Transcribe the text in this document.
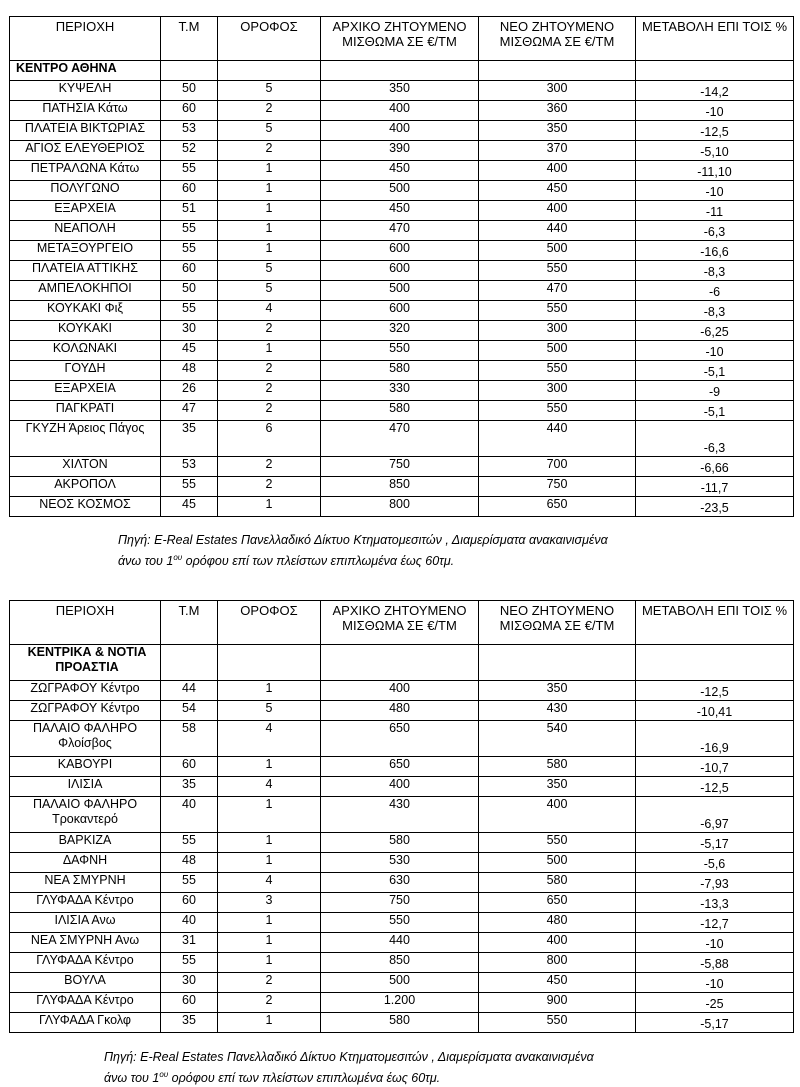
ΠΕΡΙΟΧΗ	Τ.Μ	ΟΡΟΦΟΣ	ΑΡΧΙΚΟ ΖΗΤΟΥΜΕΝΟ ΜΙΣΘΩΜΑ ΣΕ €/ΤΜ	ΝΕΟ ΖΗΤΟΥΜΕΝΟ ΜΙΣΘΩΜΑ ΣΕ €/ΤΜ	ΜΕΤΑΒΟΛΗ ΕΠΙ ΤΟΙΣ %
ΚΕΝΤΡΟ ΑΘΗΝΑ					
ΚΥΨΕΛΗ	50	5	350	300	-14,2
ΠΑΤΗΣΙΑ Κάτω	60	2	400	360	-10
ΠΛΑΤΕΙΑ ΒΙΚΤΩΡΙΑΣ	53	5	400	350	-12,5
ΑΓΙΟΣ ΕΛΕΥΘΕΡΙΟΣ	52	2	390	370	-5,10
ΠΕΤΡΑΛΩΝΑ Κάτω	55	1	450	400	-11,10
ΠΟΛΥΓΩΝΟ	60	1	500	450	-10
ΕΞΑΡΧΕΙΑ	51	1	450	400	-11
ΝΕΑΠΟΛΗ	55	1	470	440	-6,3
ΜΕΤΑΞΟΥΡΓΕΙΟ	55	1	600	500	-16,6
ΠΛΑΤΕΙΑ ΑΤΤΙΚΗΣ	60	5	600	550	-8,3
ΑΜΠΕΛΟΚΗΠΟΙ	50	5	500	470	-6
ΚΟΥΚΑΚΙ Φιξ	55	4	600	550	-8,3
ΚΟΥΚΑΚΙ	30	2	320	300	-6,25
ΚΟΛΩΝΑΚΙ	45	1	550	500	-10
ΓΟΥΔΗ	48	2	580	550	-5,1
ΕΞΑΡΧΕΙΑ	26	2	330	300	-9
ΠΑΓΚΡΑΤΙ	47	2	580	550	-5,1
ΓΚΥΖΗ Άρειος Πάγος	35	6	470	440	-6,3
ΧΙΛΤΟΝ	53	2	750	700	-6,66
ΑΚΡΟΠΟΛ	55	2	850	750	-11,7
ΝΕΟΣ ΚΟΣΜΟΣ	45	1	800	650	-23,5
Πηγή: E-Real Estates Πανελλαδικό Δίκτυο Κτηματομεσιτών , Διαμερίσματα ανακαινισμένα
άνω του $1^{o\upsilon}$ ορόφου επί των πλείστων επιπλωμένα έως 60τμ.
ΠΕΡΙΟΧΗ	Τ.Μ	ΟΡΟΦΟΣ	ΑΡΧΙΚΟ ΖΗΤΟΥΜΕΝΟ ΜΙΣΘΩΜΑ ΣΕ €/ΤΜ	ΝΕΟ ΖΗΤΟΥΜΕΝΟ ΜΙΣΘΩΜΑ ΣΕ €/ΤΜ	ΜΕΤΑΒΟΛΗ ΕΠΙ ΤΟΙΣ %
ΚΕΝΤΡΙΚΑ & ΝΟΤΙΑ ΠΡΟΑΣΤΙΑ					
ΖΩΓΡΑΦΟΥ Κέντρο	44	1	400	350	-12,5
ΖΩΓΡΑΦΟΥ Κέντρο	54	5	480	430	-10,41
ΠΑΛΑΙΟ ΦΑΛΗΡΟ Φλοίσβος	58	4	650	540	-16,9
ΚΑΒΟΥΡΙ	60	1	650	580	-10,7
ΙΛΙΣΙΑ	35	4	400	350	-12,5
ΠΑΛΑΙΟ ΦΑΛΗΡΟ Τροκαντερό	40	1	430	400	-6,97
ΒΑΡΚΙΖΑ	55	1	580	550	-5,17
ΔΑΦΝΗ	48	1	530	500	-5,6
ΝΕΑ ΣΜΥΡΝΗ	55	4	630	580	-7,93
ΓΛΥΦΑΔΑ Κέντρο	60	3	750	650	-13,3
ΙΛΙΣΙΑ Ανω	40	1	550	480	-12,7
ΝΕΑ ΣΜΥΡΝΗ Ανω	31	1	440	400	-10
ΓΛΥΦΑΔΑ Κέντρο	55	1	850	800	-5,88
ΒΟΥΛΑ	30	2	500	450	-10
ΓΛΥΦΑΔΑ Κέντρο	60	2	1.200	900	-25
ΓΛΥΦΑΔΑ Γκολφ	35	1	580	550	-5,17
Πηγή: E-Real Estates Πανελλαδικό Δίκτυο Κτηματομεσιτών , Διαμερίσματα ανακαινισμένα
άνω του $1^{o\upsilon}$ ορόφου επί των πλείστων επιπλωμένα έως 60τμ.
